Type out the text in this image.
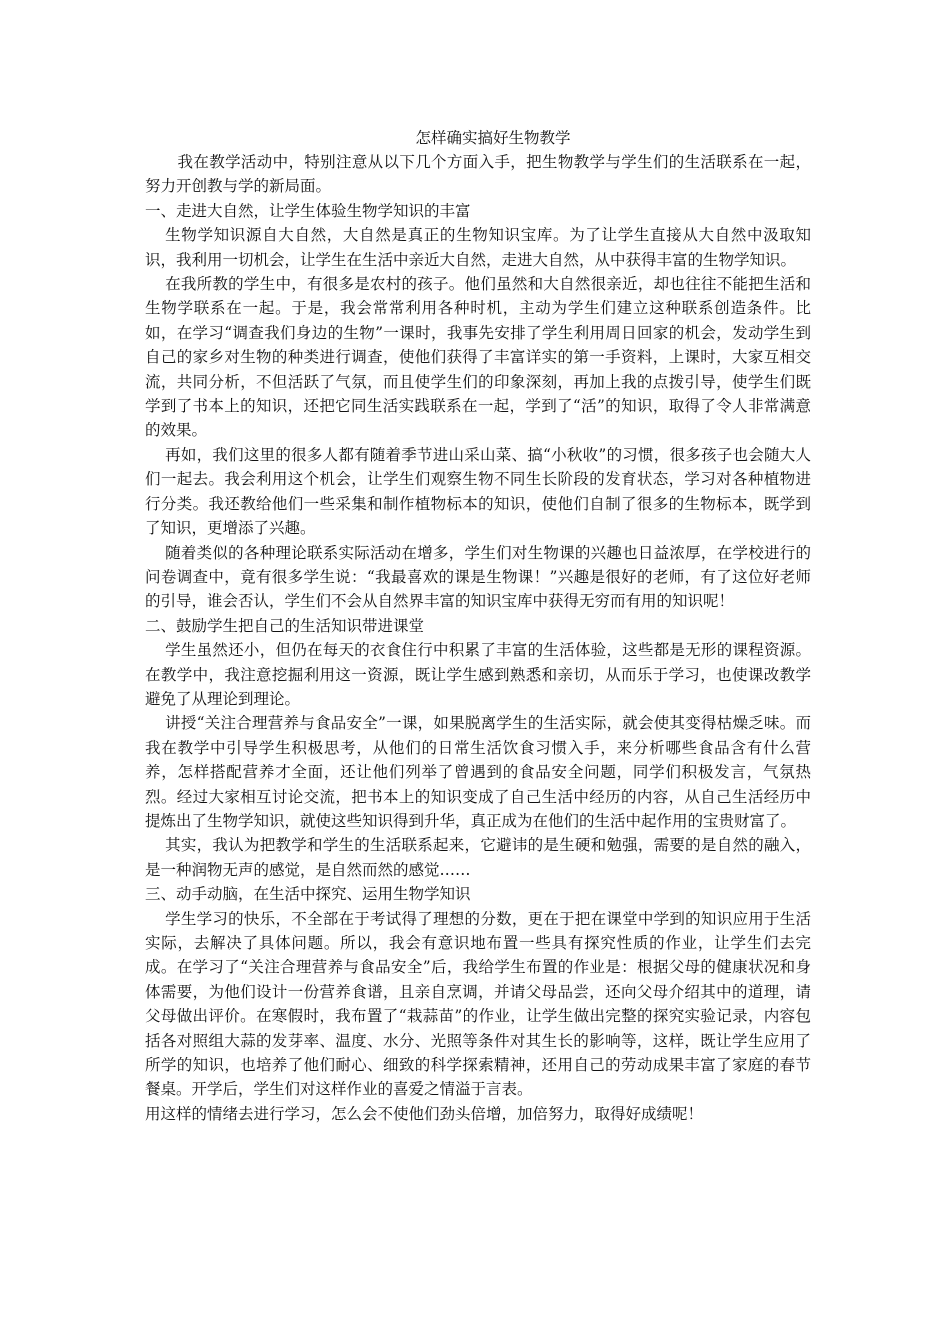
怎样确实搞好生物教学

我在教学活动中，特别注意从以下几个方面入手，把生物教学与学生们的生活联系在一起，努力开创教与学的新局面。

一、走进大自然，让学生体验生物学知识的丰富

生物学知识源自大自然，大自然是真正的生物知识宝库。为了让学生直接从大自然中汲取知识，我利用一切机会，让学生在生活中亲近大自然，走进大自然，从中获得丰富的生物学知识。

在我所教的学生中，有很多是农村的孩子。他们虽然和大自然很亲近，却也往往不能把生活和生物学联系在一起。于是，我会常常利用各种时机，主动为学生们建立这种联系创造条件。比如，在学习“调查我们身边的生物”一课时，我事先安排了学生利用周日回家的机会，发动学生到自己的家乡对生物的种类进行调查，使他们获得了丰富详实的第一手资料，上课时，大家互相交流，共同分析，不但活跃了气氛，而且使学生们的印象深刻，再加上我的点拨引导，使学生们既学到了书本上的知识，还把它同生活实践联系在一起，学到了“活”的知识，取得了令人非常满意的效果。

再如，我们这里的很多人都有随着季节进山采山菜、搞“小秋收”的习惯，很多孩子也会随大人们一起去。我会利用这个机会，让学生们观察生物不同生长阶段的发育状态，学习对各种植物进行分类。我还教给他们一些采集和制作植物标本的知识，使他们自制了很多的生物标本，既学到了知识，更增添了兴趣。

随着类似的各种理论联系实际活动在增多，学生们对生物课的兴趣也日益浓厚，在学校进行的问卷调查中，竟有很多学生说：“我最喜欢的课是生物课！”兴趣是很好的老师，有了这位好老师的引导，谁会否认，学生们不会从自然界丰富的知识宝库中获得无穷而有用的知识呢！

二、鼓励学生把自己的生活知识带进课堂

学生虽然还小，但仍在每天的衣食住行中积累了丰富的生活体验，这些都是无形的课程资源。在教学中，我注意挖掘利用这一资源，既让学生感到熟悉和亲切，从而乐于学习，也使课改教学避免了从理论到理论。

讲授“关注合理营养与食品安全”一课，如果脱离学生的生活实际，就会使其变得枯燥乏味。而我在教学中引导学生积极思考，从他们的日常生活饮食习惯入手，来分析哪些食品含有什么营养，怎样搭配营养才全面，还让他们列举了曾遇到的食品安全问题，同学们积极发言，气氛热烈。经过大家相互讨论交流，把书本上的知识变成了自己生活中经历的内容，从自己生活经历中提炼出了生物学知识，就使这些知识得到升华，真正成为在他们的生活中起作用的宝贵财富了。

其实，我认为把教学和学生的生活联系起来，它避讳的是生硬和勉强，需要的是自然的融入，是一种润物无声的感觉，是自然而然的感觉……

三、动手动脑，在生活中探究、运用生物学知识

学生学习的快乐，不全部在于考试得了理想的分数，更在于把在课堂中学到的知识应用于生活实际，去解决了具体问题。所以，我会有意识地布置一些具有探究性质的作业，让学生们去完成。在学习了“关注合理营养与食品安全”后，我给学生布置的作业是：根据父母的健康状况和身体需要，为他们设计一份营养食谱，且亲自烹调，并请父母品尝，还向父母介绍其中的道理，请父母做出评价。在寒假时，我布置了“栽蒜苗”的作业，让学生做出完整的探究实验记录，内容包括各对照组大蒜的发芽率、温度、水分、光照等条件对其生长的影响等，这样，既让学生应用了所学的知识，也培养了他们耐心、细致的科学探索精神，还用自己的劳动成果丰富了家庭的春节餐桌。开学后，学生们对这样作业的喜爱之情溢于言表。

用这样的情绪去进行学习，怎么会不使他们劲头倍增，加倍努力，取得好成绩呢！
